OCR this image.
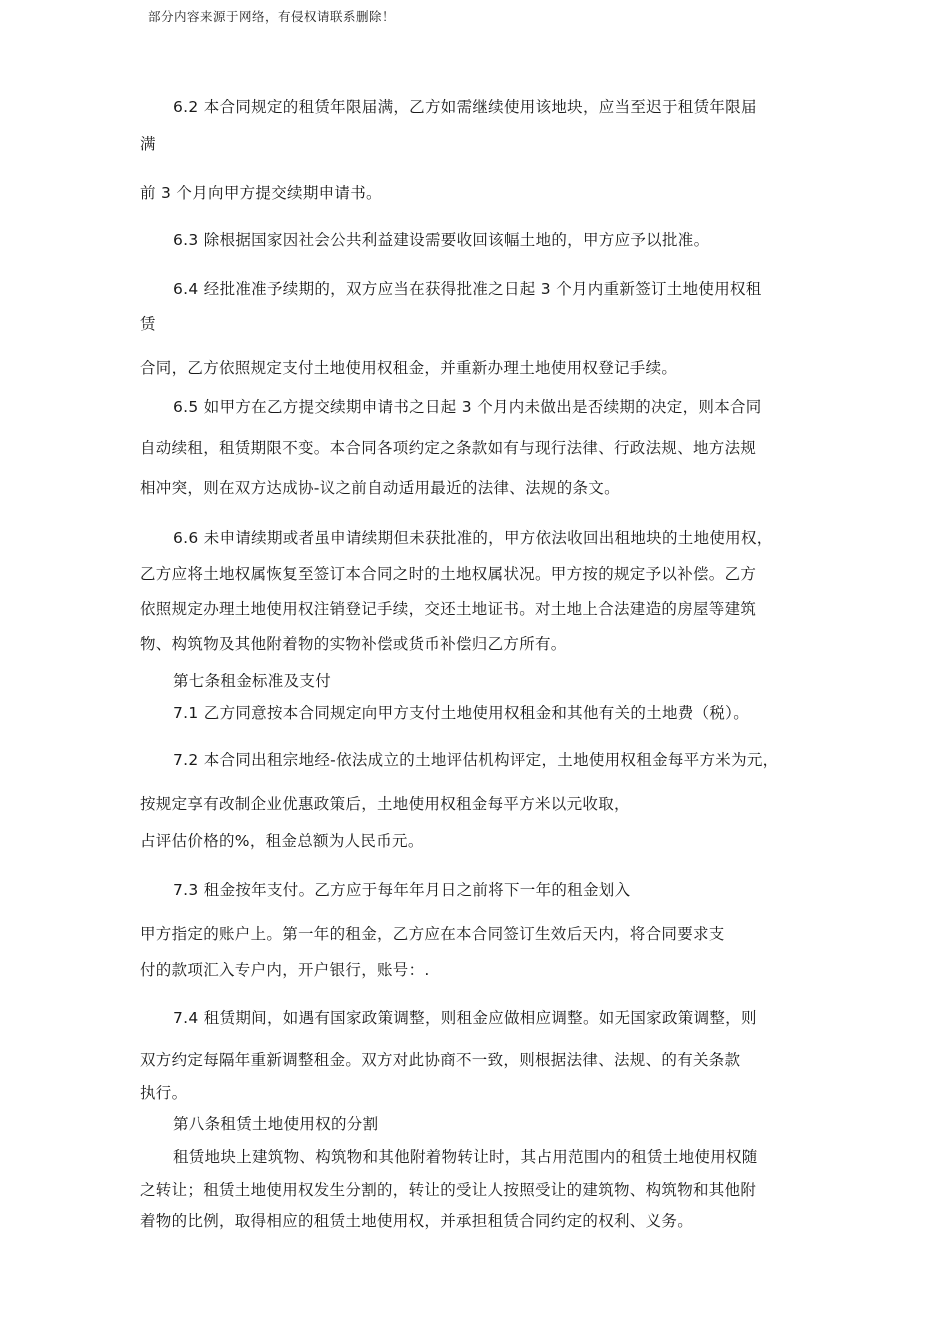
部分内容来源于网络，有侵权请联系删除！
6.2 本合同规定的租赁年限届满，乙方如需继续使用该地块，应当至迟于租赁年限届
满
前 3 个月向甲方提交续期申请书。
6.3 除根据国家因社会公共利益建设需要收回该幅土地的，甲方应予以批准。
6.4 经批准准予续期的，双方应当在获得批准之日起 3 个月内重新签订土地使用权租
赁
合同，乙方依照规定支付土地使用权租金，并重新办理土地使用权登记手续。
6.5 如甲方在乙方提交续期申请书之日起 3 个月内未做出是否续期的决定，则本合同
自动续租，租赁期限不变。本合同各项约定之条款如有与现行法律、行政法规、地方法规
相冲突，则在双方达成协-议之前自动适用最近的法律、法规的条文。
6.6 未申请续期或者虽申请续期但未获批准的，甲方依法收回出租地块的土地使用权，
乙方应将土地权属恢复至签订本合同之时的土地权属状况。甲方按的规定予以补偿。乙方
依照规定办理土地使用权注销登记手续，交还土地证书。对土地上合法建造的房屋等建筑
物、构筑物及其他附着物的实物补偿或货币补偿归乙方所有。
第七条租金标准及支付
7.1 乙方同意按本合同规定向甲方支付土地使用权租金和其他有关的土地费（税）。
7.2 本合同出租宗地经-依法成立的土地评估机构评定，土地使用权租金每平方米为元，
按规定享有改制企业优惠政策后，土地使用权租金每平方米以元收取，
占评估价格的%，租金总额为人民币元。
7.3 租金按年支付。乙方应于每年年月日之前将下一年的租金划入
甲方指定的账户上。第一年的租金，乙方应在本合同签订生效后天内，将合同要求支
付的款项汇入专户内，开户银行，账号：.
7.4 租赁期间，如遇有国家政策调整，则租金应做相应调整。如无国家政策调整，则
双方约定每隔年重新调整租金。双方对此协商不一致，则根据法律、法规、的有关条款
执行。
第八条租赁土地使用权的分割
租赁地块上建筑物、构筑物和其他附着物转让时，其占用范围内的租赁土地使用权随
之转让；租赁土地使用权发生分割的，转让的受让人按照受让的建筑物、构筑物和其他附
着物的比例，取得相应的租赁土地使用权，并承担租赁合同约定的权利、义务。
